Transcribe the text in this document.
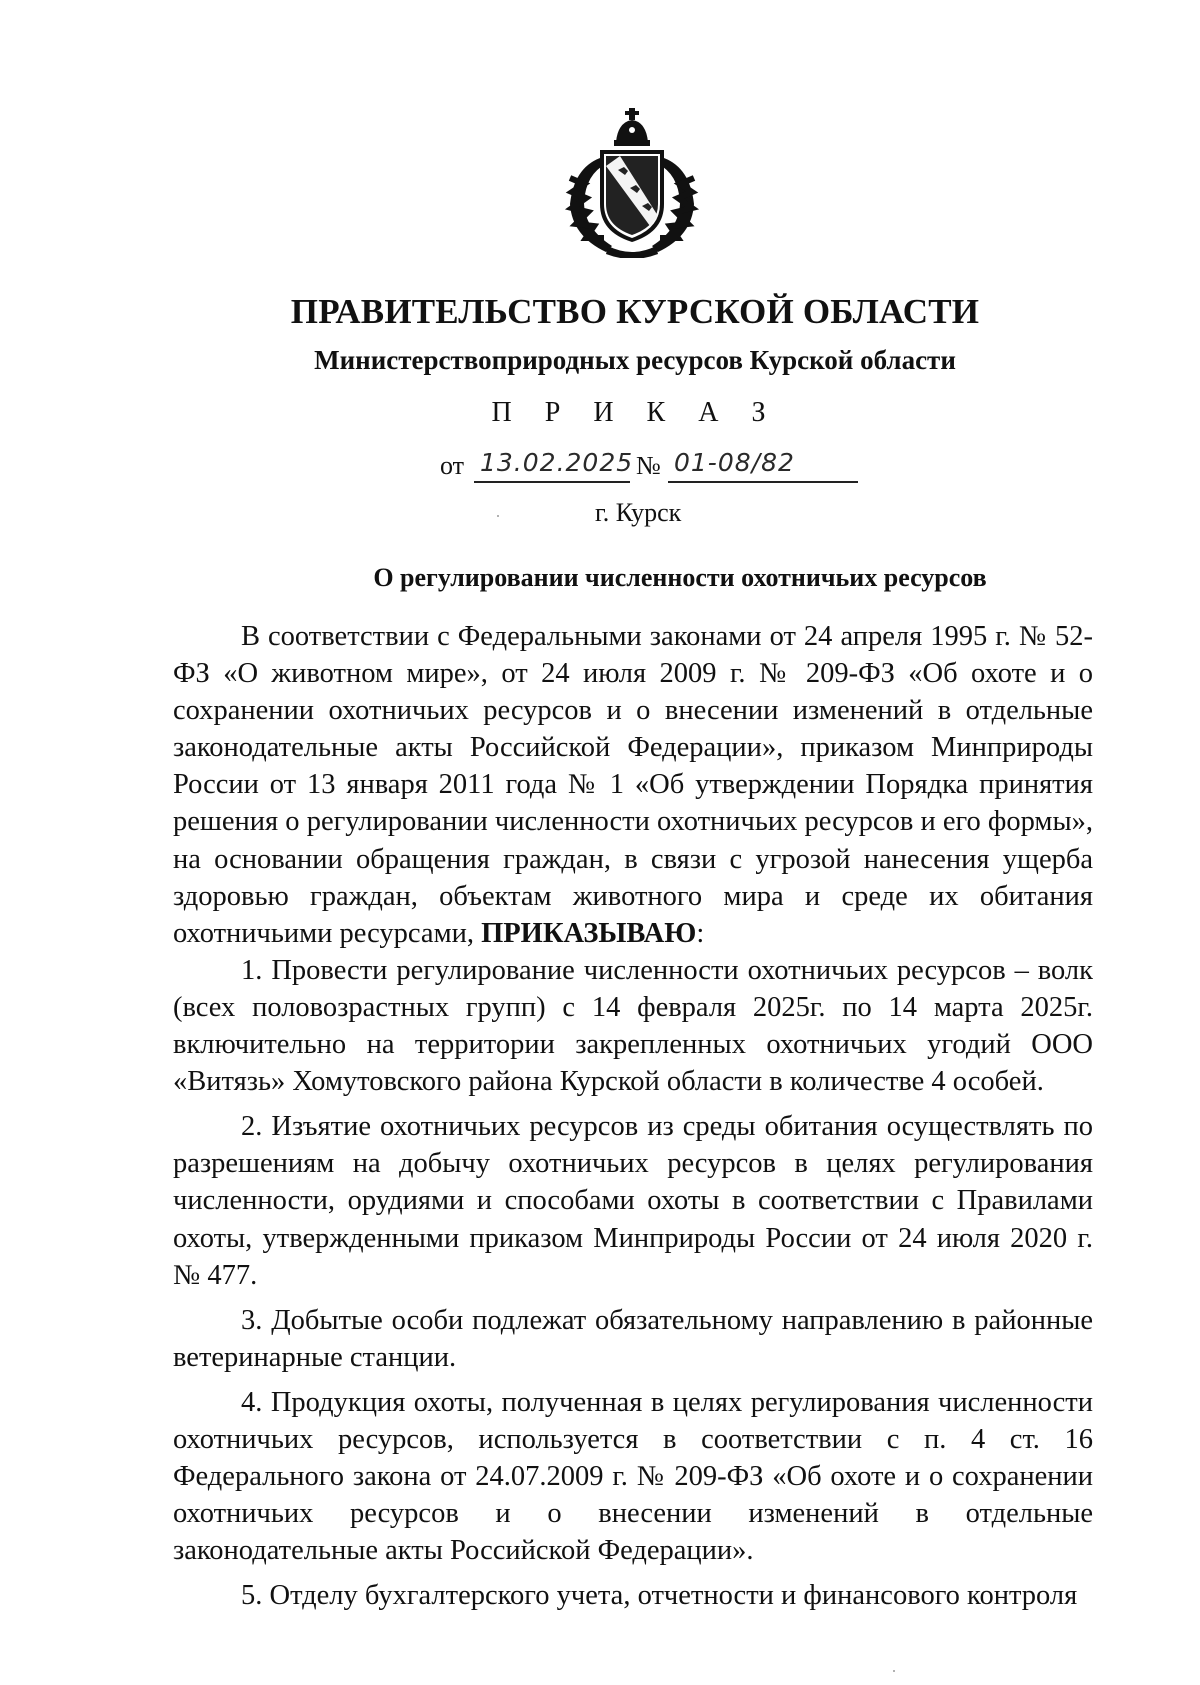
ПРАВИТЕЛЬСТВО КУРСКОЙ ОБЛАСТИ
Министерствоприродных ресурсов Курской области
П Р И К А З
от 13.02.2025 № 01-08/82
г. Курск
О регулировании численности охотничьих ресурсов

В соответствии с Федеральными законами от 24 апреля 1995 г. № 52-ФЗ «О животном мире», от 24 июля 2009 г. № 209-ФЗ «Об охоте и о сохранении охотничьих ресурсов и о внесении изменений в отдельные законодательные акты Российской Федерации», приказом Минприроды России от 13 января 2011 года № 1 «Об утверждении Порядка принятия решения о регулировании численности охотничьих ресурсов и его формы», на основании обращения граждан, в связи с угрозой нанесения ущерба здоровью граждан, объектам животного мира и среде их обитания охотничьими ресурсами, ПРИКАЗЫВАЮ:

1. Провести регулирование численности охотничьих ресурсов – волк (всех половозрастных групп) с 14 февраля 2025г. по 14 марта 2025г. включительно на территории закрепленных охотничьих угодий ООО «Витязь» Хомутовского района Курской области в количестве 4 особей.

2. Изъятие охотничьих ресурсов из среды обитания осуществлять по разрешениям на добычу охотничьих ресурсов в целях регулирования численности, орудиями и способами охоты в соответствии с Правилами охоты, утвержденными приказом Минприроды России от 24 июля 2020 г. № 477.

3. Добытые особи подлежат обязательному направлению в районные ветеринарные станции.

4. Продукция охоты, полученная в целях регулирования численности охотничьих ресурсов, используется в соответствии с п. 4 ст. 16 Федерального закона от 24.07.2009 г. № 209-ФЗ «Об охоте и о сохранении охотничьих ресурсов и о внесении изменений в отдельные законодательные акты Российской Федерации».

5. Отделу бухгалтерского учета, отчетности и финансового контроля
